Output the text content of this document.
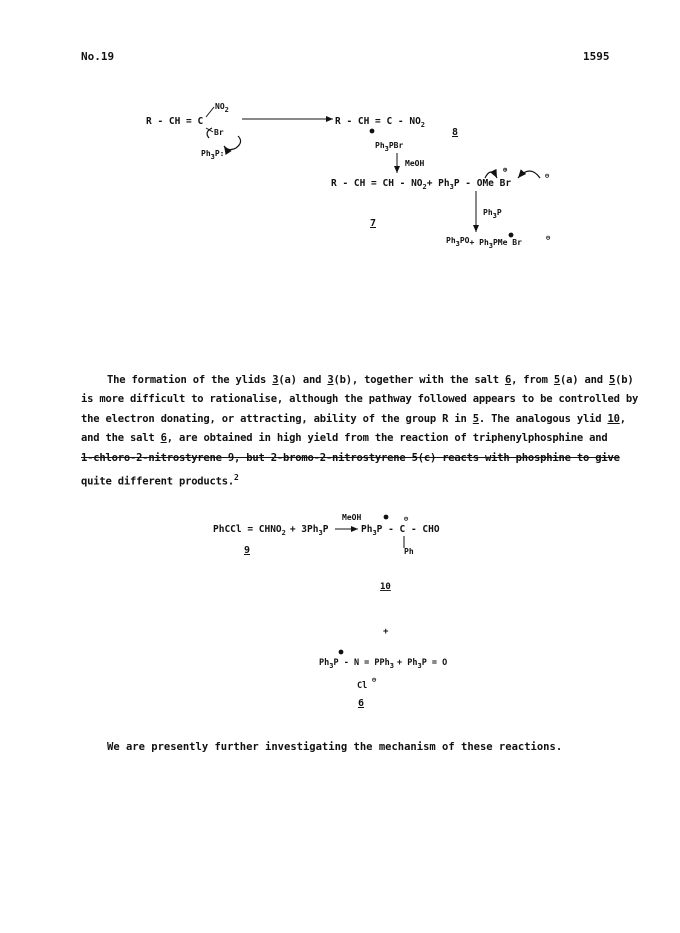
No.19	1595
R - CH = C
NO2
Br
Ph3P:
R - CH = C - $NO_2$
Ph3PBr
8
MeOH
R - CH = CH - $NO_2+ Ph_3P$ - OMe Br
⊕
⊖
7
Ph3P
Ph3PO+ Ph3PMe Br	⊖
MeOH	⊖
PhCCl = $CHNO_2 + 3Ph_3P$	$Ph_3P$ - C - CHO
Ph
9
10
+
$Ph_3P - N = PPh_3 + Ph_3P = O$
Cl
⊖
6
The formation of the ylids 3(a) and 3(b), together with the salt 6, from 5(a) and 5(b)
is more difficult to rationalise, although the pathway followed appears to be controlled by
the electron donating, or attracting, ability of the group R in 5. The analogous ylid 10,
and the salt 6, are obtained in high yield from the reaction of triphenylphosphine and
1-chloro-2-nitrostyrene 9, but 2-bromo-2-nitrostyrene 5(c) reacts with phosphine to give
quite different products.$^2$
We are presently further investigating the mechanism of these reactions.
